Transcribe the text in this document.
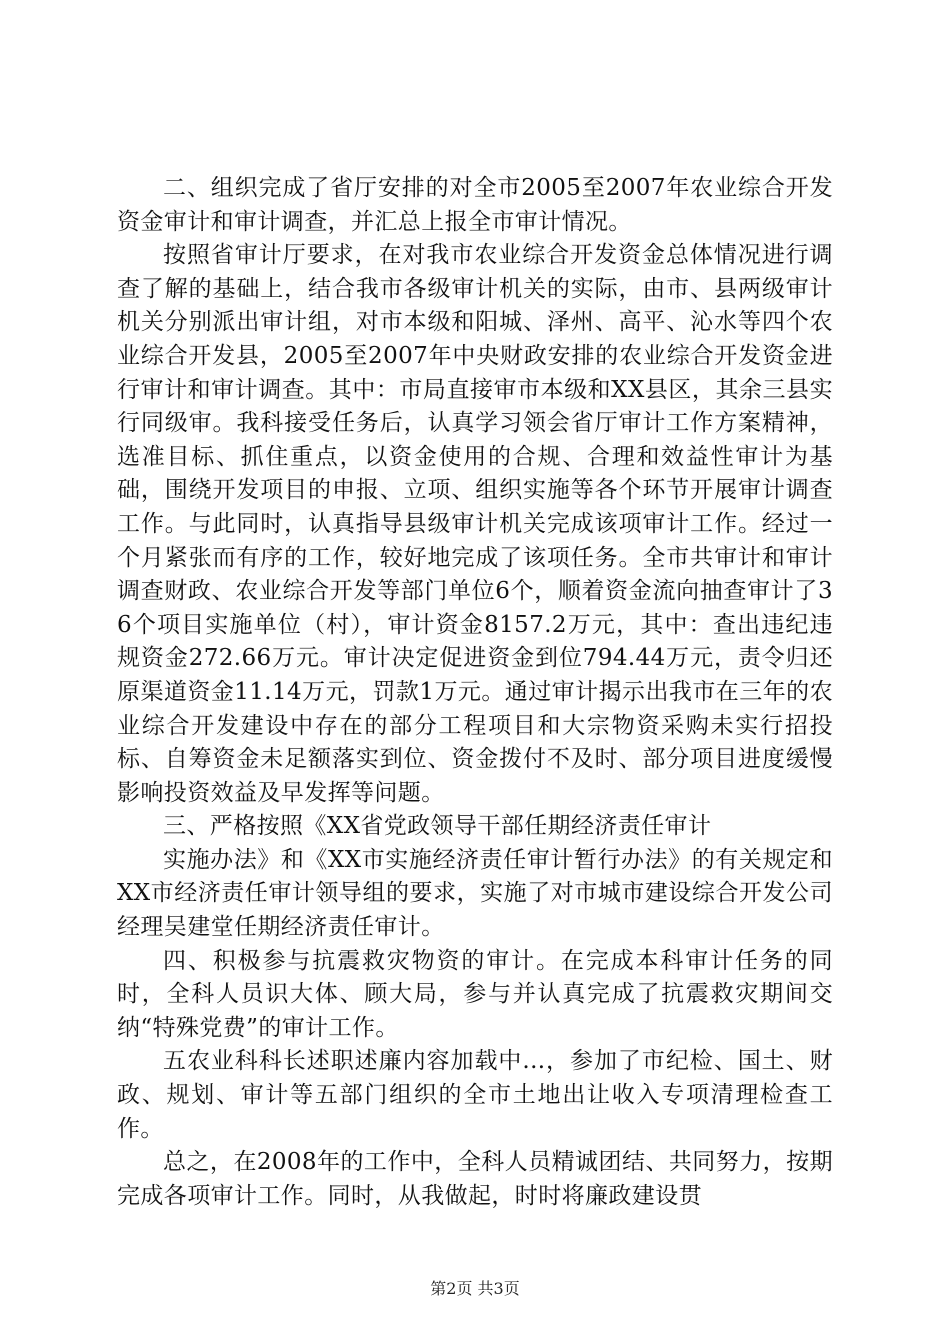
二、组织完成了省厅安排的对全市2005至2007年农业综合开发资金审计和审计调查，并汇总上报全市审计情况。

按照省审计厅要求，在对我市农业综合开发资金总体情况进行调查了解的基础上，结合我市各级审计机关的实际，由市、县两级审计机关分别派出审计组，对市本级和阳城、泽州、高平、沁水等四个农业综合开发县，2005至2007年中央财政安排的农业综合开发资金进行审计和审计调查。其中：市局直接审市本级和XX县区，其余三县实行同级审。我科接受任务后，认真学习领会省厅审计工作方案精神，选准目标、抓住重点，以资金使用的合规、合理和效益性审计为基础，围绕开发项目的申报、立项、组织实施等各个环节开展审计调查工作。与此同时，认真指导县级审计机关完成该项审计工作。经过一个月紧张而有序的工作，较好地完成了该项任务。全市共审计和审计调查财政、农业综合开发等部门单位6个，顺着资金流向抽查审计了36个项目实施单位（村），审计资金8157.2万元，其中：查出违纪违规资金272.66万元。审计决定促进资金到位794.44万元，责令归还原渠道资金11.14万元，罚款1万元。通过审计揭示出我市在三年的农业综合开发建设中存在的部分工程项目和大宗物资采购未实行招投标、自筹资金未足额落实到位、资金拨付不及时、部分项目进度缓慢影响投资效益及早发挥等问题。

三、严格按照《XX省党政领导干部任期经济责任审计

实施办法》和《XX市实施经济责任审计暂行办法》的有关规定和XX市经济责任审计领导组的要求，实施了对市城市建设综合开发公司经理吴建堂任期经济责任审计。

四、积极参与抗震救灾物资的审计。在完成本科审计任务的同时，全科人员识大体、顾大局，参与并认真完成了抗震救灾期间交纳“特殊党费”的审计工作。

五农业科科长述职述廉内容加载中...，参加了市纪检、国土、财政、规划、审计等五部门组织的全市土地出让收入专项清理检查工作。

总之，在2008年的工作中，全科人员精诚团结、共同努力，按期完成各项审计工作。同时，从我做起，时时将廉政建设贯

第2页 共3页
